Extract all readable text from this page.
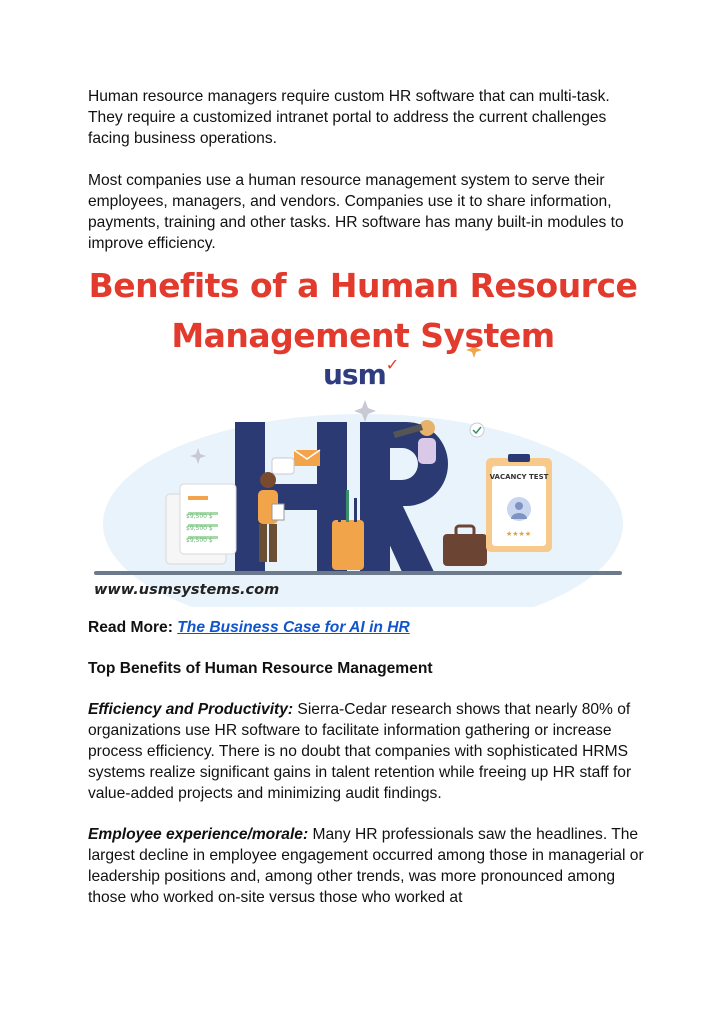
Human resource managers require custom HR software that can multi-task. They require a customized intranet portal to address the current challenges facing business operations.

Most companies use a human resource management system to serve their employees, managers, and vendors. Companies use it to share information, payments, training and other tasks. HR software has many built-in modules to improve efficiency.

★★★★
Benefits of a Human Resource
Management System
usm✓
VACANCY TEST
$9,500 $
$9,500 $
$9,500 $
www.usmsystems.com

Read More: The Business Case for AI in HR

Top Benefits of Human Resource Management

Efficiency and Productivity: Sierra-Cedar research shows that nearly 80% of organizations use HR software to facilitate information gathering or increase process efficiency. There is no doubt that companies with sophisticated HRMS systems realize significant gains in talent retention while freeing up HR staff for value-added projects and minimizing audit findings.

Employee experience/morale: Many HR professionals saw the headlines. The largest decline in employee engagement occurred among those in managerial or leadership positions and, among other trends, was more pronounced among those who worked on-site versus those who worked at
